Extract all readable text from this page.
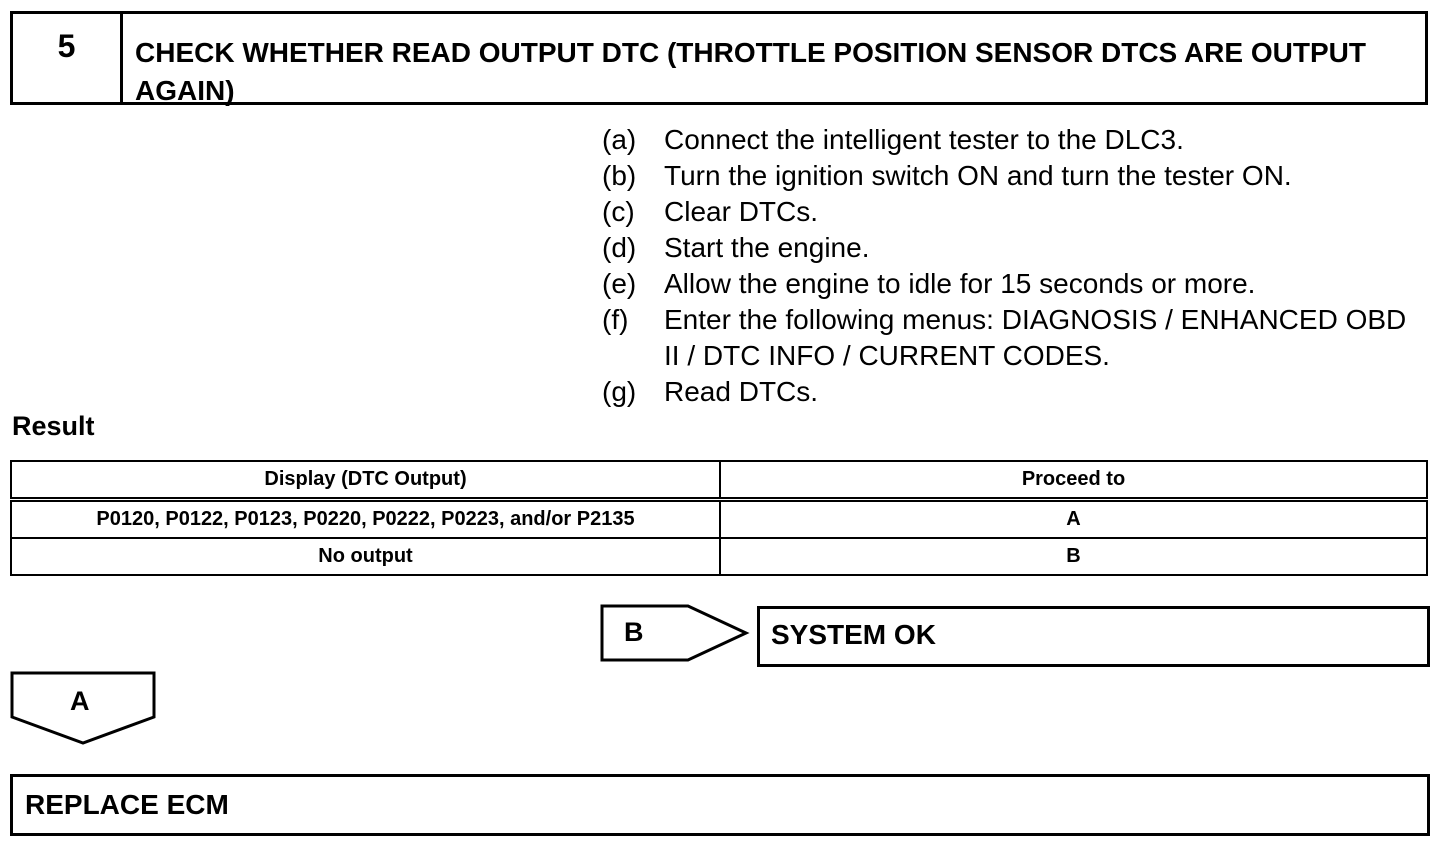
5	CHECK WHETHER READ OUTPUT DTC (THROTTLE POSITION SENSOR DTCS ARE OUTPUT AGAIN)
(a) Connect the intelligent tester to the DLC3.
(b) Turn the ignition switch ON and turn the tester ON.
(c)	Clear DTCs.
(d) Start the engine.
(e) Allow the engine to idle for 15 seconds or more.
(f)	Enter the following menus: DIAGNOSIS / ENHANCED OBD II / DTC INFO / CURRENT CODES.
(g) Read DTCs.
Result
Display (DTC Output)	Proceed to
P0120, P0122, P0123, P0220, P0222, P0223, and/or P2135	A
No output	B
B	SYSTEM OK
A
REPLACE ECM
